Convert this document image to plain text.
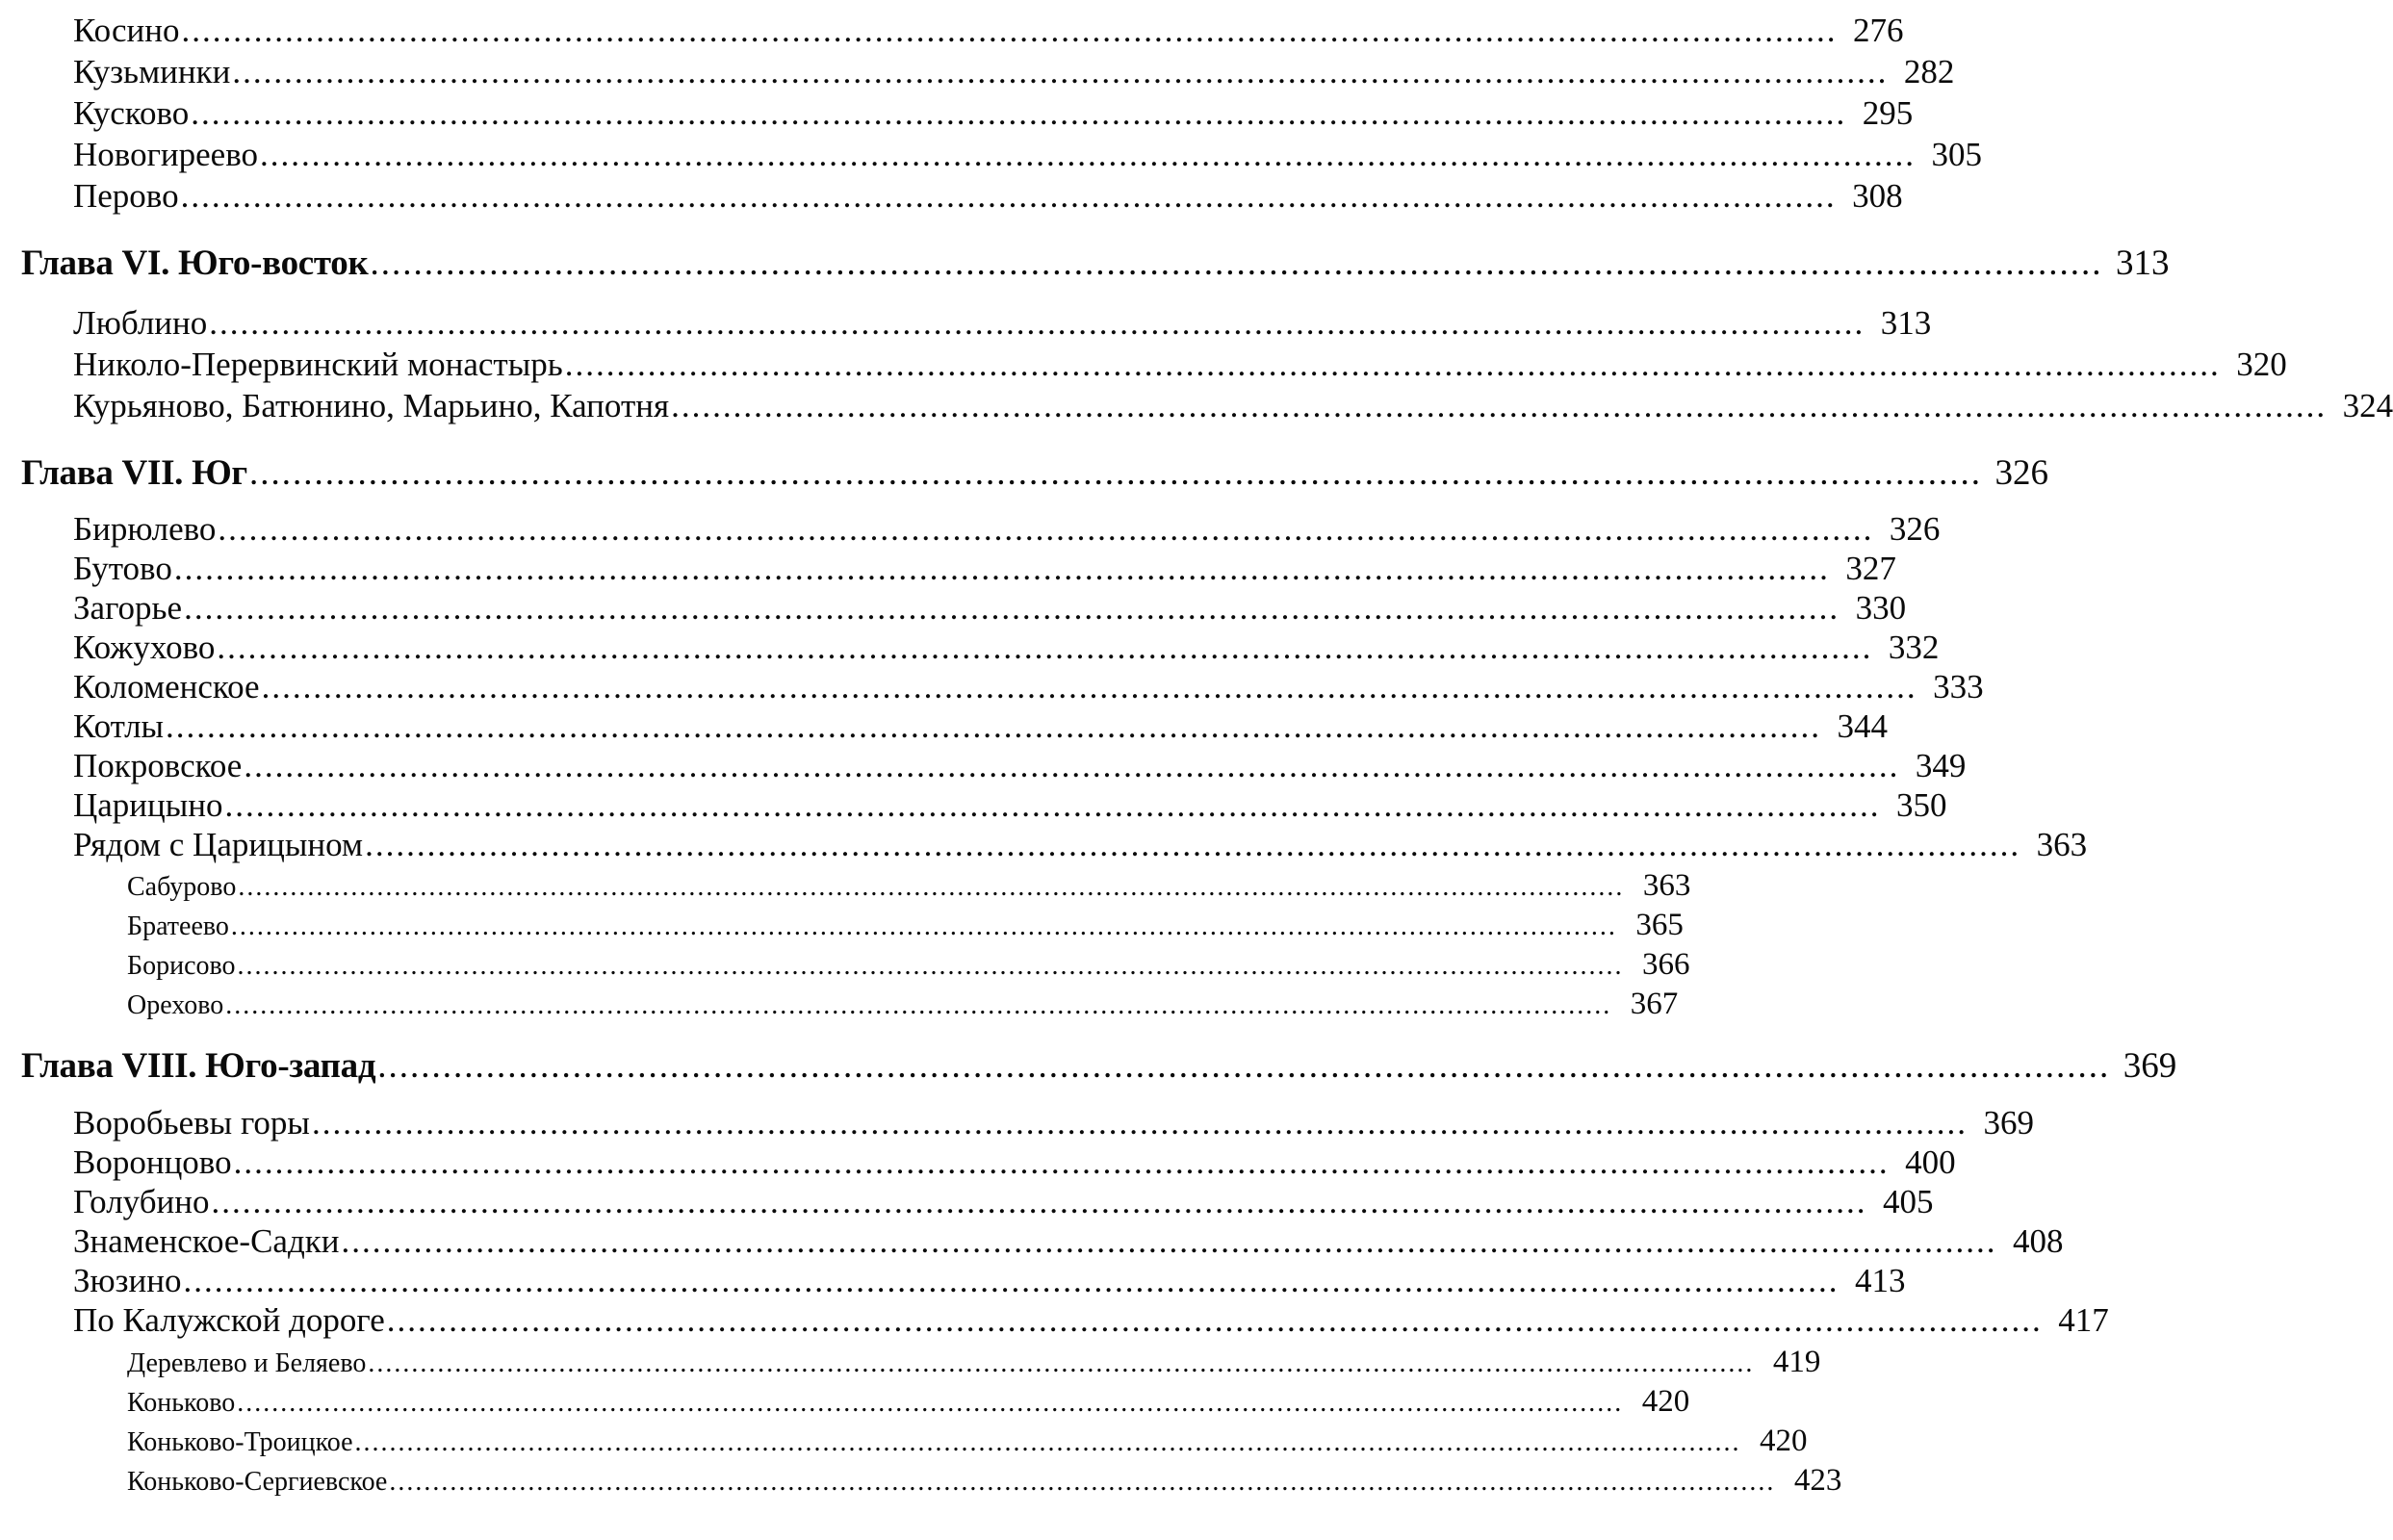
Косино ................................................................................................................................................................ 276
Кузьминки ................................................................................................................................................................ 282
Кусково ................................................................................................................................................................ 295
Новогиреево ................................................................................................................................................................ 305
Перово ................................................................................................................................................................ 308
Глава VI. Юго-восток ................................................................................................................................................................ 313
Люблино ................................................................................................................................................................ 313
Николо-Перервинский монастырь ................................................................................................................................................................ 320
Курьяново, Батюнино, Марьино, Капотня ................................................................................................................................................................ 324
Глава VII. Юг ................................................................................................................................................................ 326
Бирюлево ................................................................................................................................................................ 326
Бутово ................................................................................................................................................................ 327
Загорье ................................................................................................................................................................ 330
Кожухово ................................................................................................................................................................ 332
Коломенское ................................................................................................................................................................ 333
Котлы ................................................................................................................................................................ 344
Покровское ................................................................................................................................................................ 349
Царицыно ................................................................................................................................................................ 350
Рядом с Царицыном ................................................................................................................................................................ 363
Сабурово ................................................................................................................................................................ 363
Братеево ................................................................................................................................................................ 365
Борисово ................................................................................................................................................................ 366
Орехово ................................................................................................................................................................ 367
Глава VIII. Юго-запад ................................................................................................................................................................ 369
Воробьевы горы ................................................................................................................................................................ 369
Воронцово ................................................................................................................................................................ 400
Голубино ................................................................................................................................................................ 405
Знаменское-Садки ................................................................................................................................................................ 408
Зюзино ................................................................................................................................................................ 413
По Калужской дороге ................................................................................................................................................................ 417
Деревлево и Беляево ................................................................................................................................................................ 419
Коньково ................................................................................................................................................................ 420
Коньково-Троицкое ................................................................................................................................................................ 420
Коньково-Сергиевское ................................................................................................................................................................ 423
